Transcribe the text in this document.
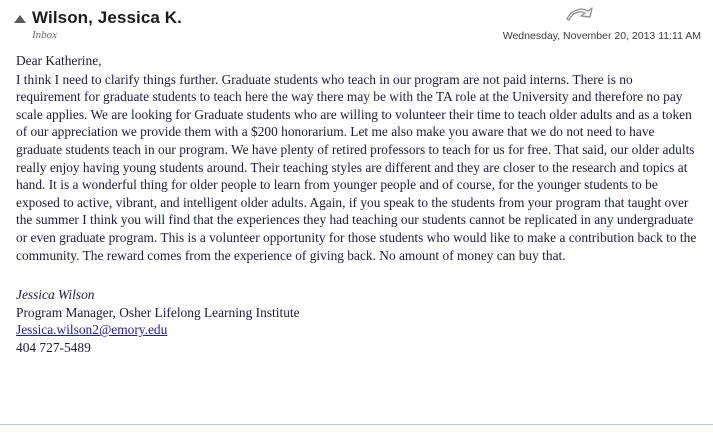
Wilson, Jessica K.
Inbox	Wednesday, November 20, 2013 11:11 AM

Dear Katherine,

I think I need to clarify things further. Graduate students who teach in our program are not paid interns. There is no requirement for graduate students to teach here the way there may be with the TA role at the University and therefore no pay scale applies. We are looking for Graduate students who are willing to volunteer their time to teach older adults and as a token of our appreciation we provide them with a $200 honorarium. Let me also make you aware that we do not need to have graduate students teach in our program. We have plenty of retired professors to teach for us for free. That said, our older adults really enjoy having young students around. Their teaching styles are different and they are closer to the research and topics at hand. It is a wonderful thing for older people to learn from younger people and of course, for the younger students to be exposed to active, vibrant, and intelligent older adults. Again, if you speak to the students from your program that taught over the summer I think you will find that the experiences they had teaching our students cannot be replicated in any undergraduate or even graduate program. This is a volunteer opportunity for those students who would like to make a contribution back to the community. The reward comes from the experience of giving back. No amount of money can buy that.

Jessica Wilson
Program Manager, Osher Lifelong Learning Institute
Jessica.wilson2@emory.edu
404 727-5489
